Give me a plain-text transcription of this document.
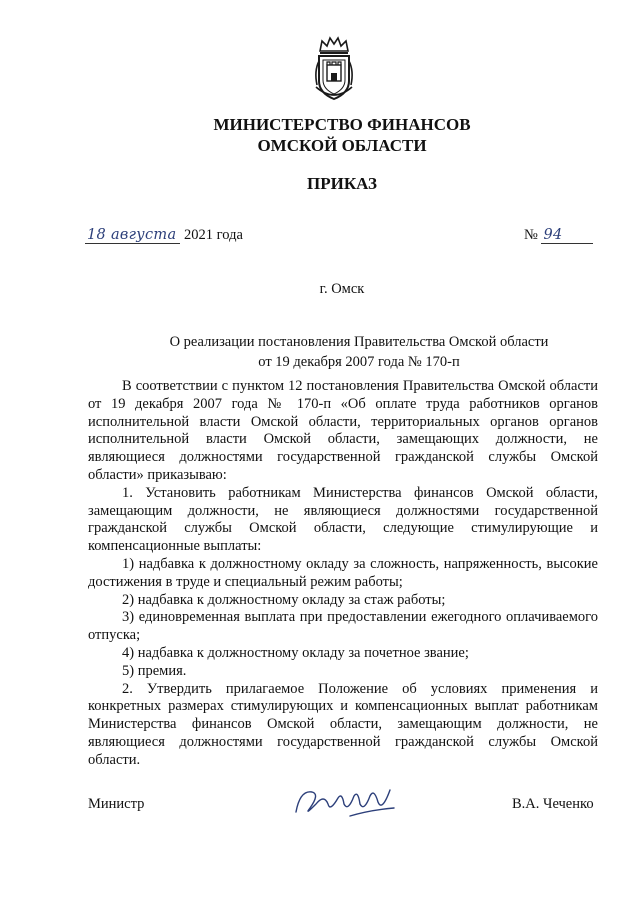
МИНИСТЕРСТВО ФИНАНСОВ
ОМСКОЙ ОБЛАСТИ
ПРИКАЗ
18 августа 2021 года	№ 94
г. Омск
О реализации постановления Правительства Омской области
от 19 декабря 2007 года № 170-п

В соответствии с пунктом 12 постановления Правительства Омской области от 19 декабря 2007 года № 170-п «Об оплате труда работников органов исполнительной власти Омской области, территориальных органов органов исполнительной власти Омской области, замещающих должности, не являющиеся должностями государственной гражданской службы Омской области» приказываю:

1. Установить работникам Министерства финансов Омской области, замещающим должности, не являющиеся должностями государственной гражданской службы Омской области, следующие стимулирующие и компенсационные выплаты:

1) надбавка к должностному окладу за сложность, напряженность, высокие достижения в труде и специальный режим работы;

2) надбавка к должностному окладу за стаж работы;

3) единовременная выплата при предоставлении ежегодного оплачиваемого отпуска;

4) надбавка к должностному окладу за почетное звание;

5) премия.

2. Утвердить прилагаемое Положение об условиях применения и конкретных размерах стимулирующих и компенсационных выплат работникам Министерства финансов Омской области, замещающим должности, не являющиеся должностями государственной гражданской службы Омской области.

Министр	В.А. Чеченко
